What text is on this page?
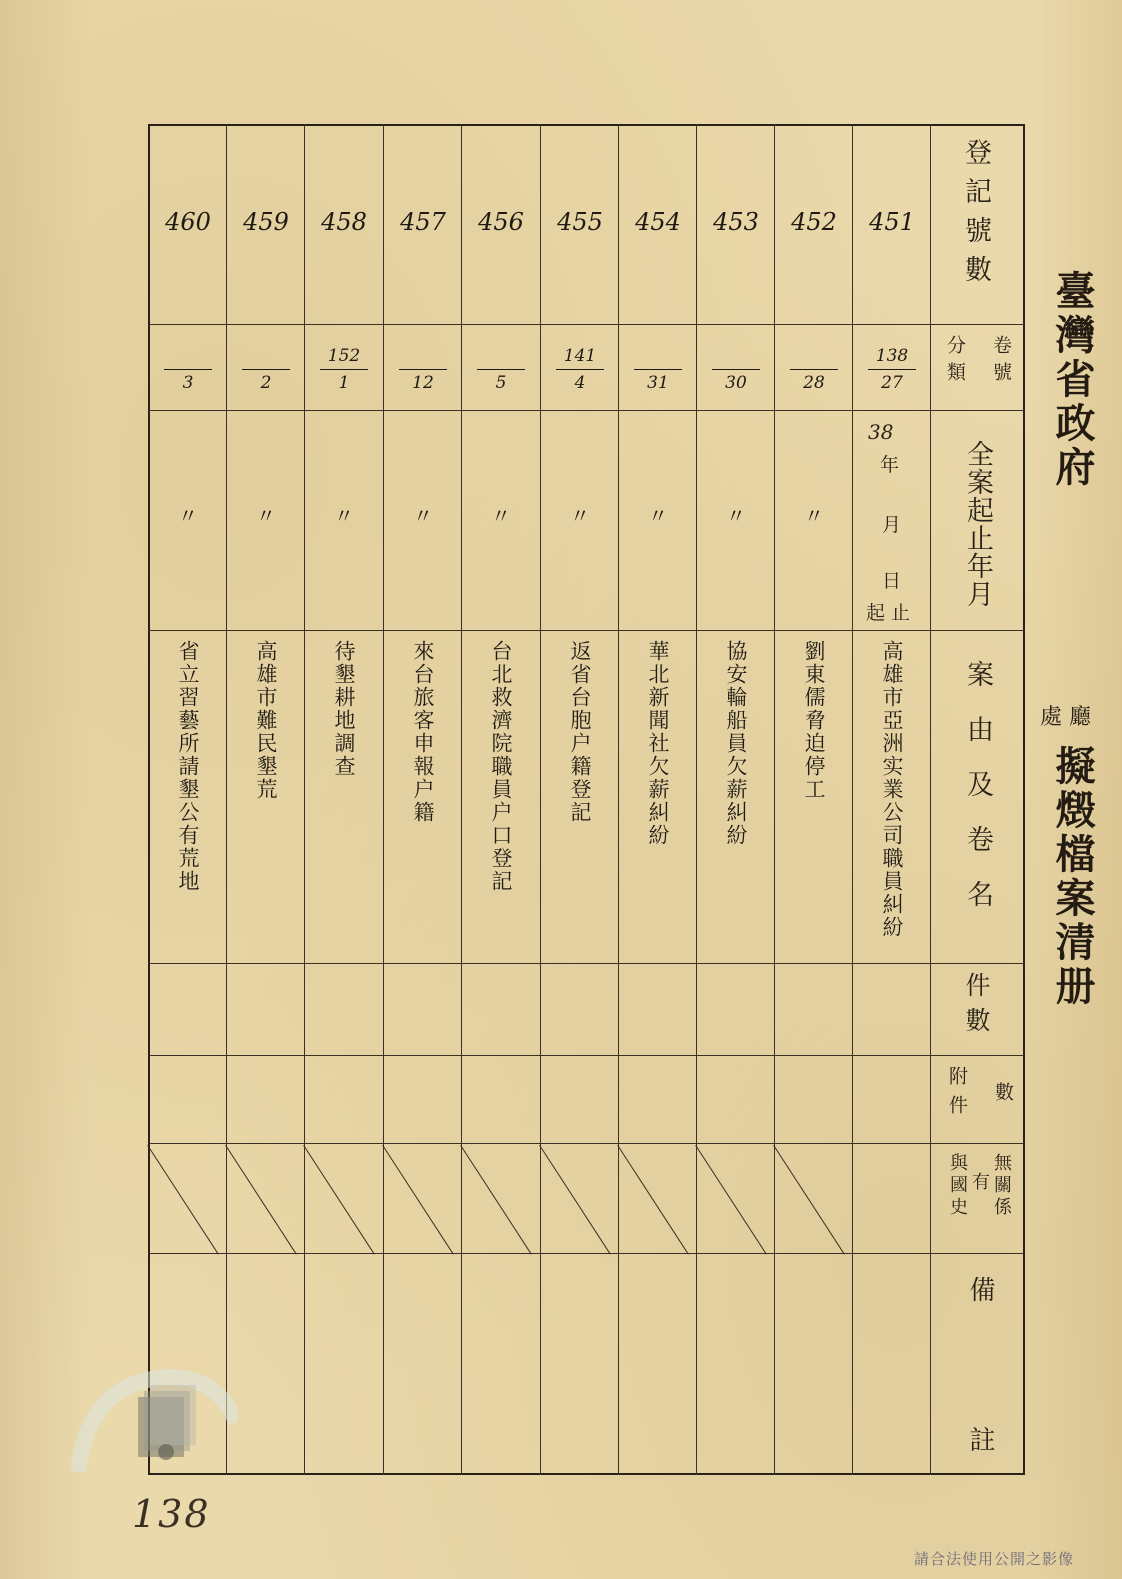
登記號數
卷號
分類
全案起止年月
案由及卷名
件數
數
附件
無關係
有
與國史
備
註
451
452
453
454
455
456
457
458
459
460
138
141
152
27
28
30
31
4
5
12
1
2
3
38
年
月
日
起 止
〃
〃
〃
〃
〃
〃
〃
〃
〃
高雄市亞洲实業公司職員糾紛
劉東儒脅迫停工
協安輪船員欠薪糾紛
華北新聞社欠薪糾紛
返省台胞户籍登記
台北救濟院職員户口登記
來台旅客申報户籍
待墾耕地調查
高雄市難民墾荒
省立習藝所請墾公有荒地
臺灣省政府
處 廳
擬燬檔案清册
138
請合法使用公開之影像
